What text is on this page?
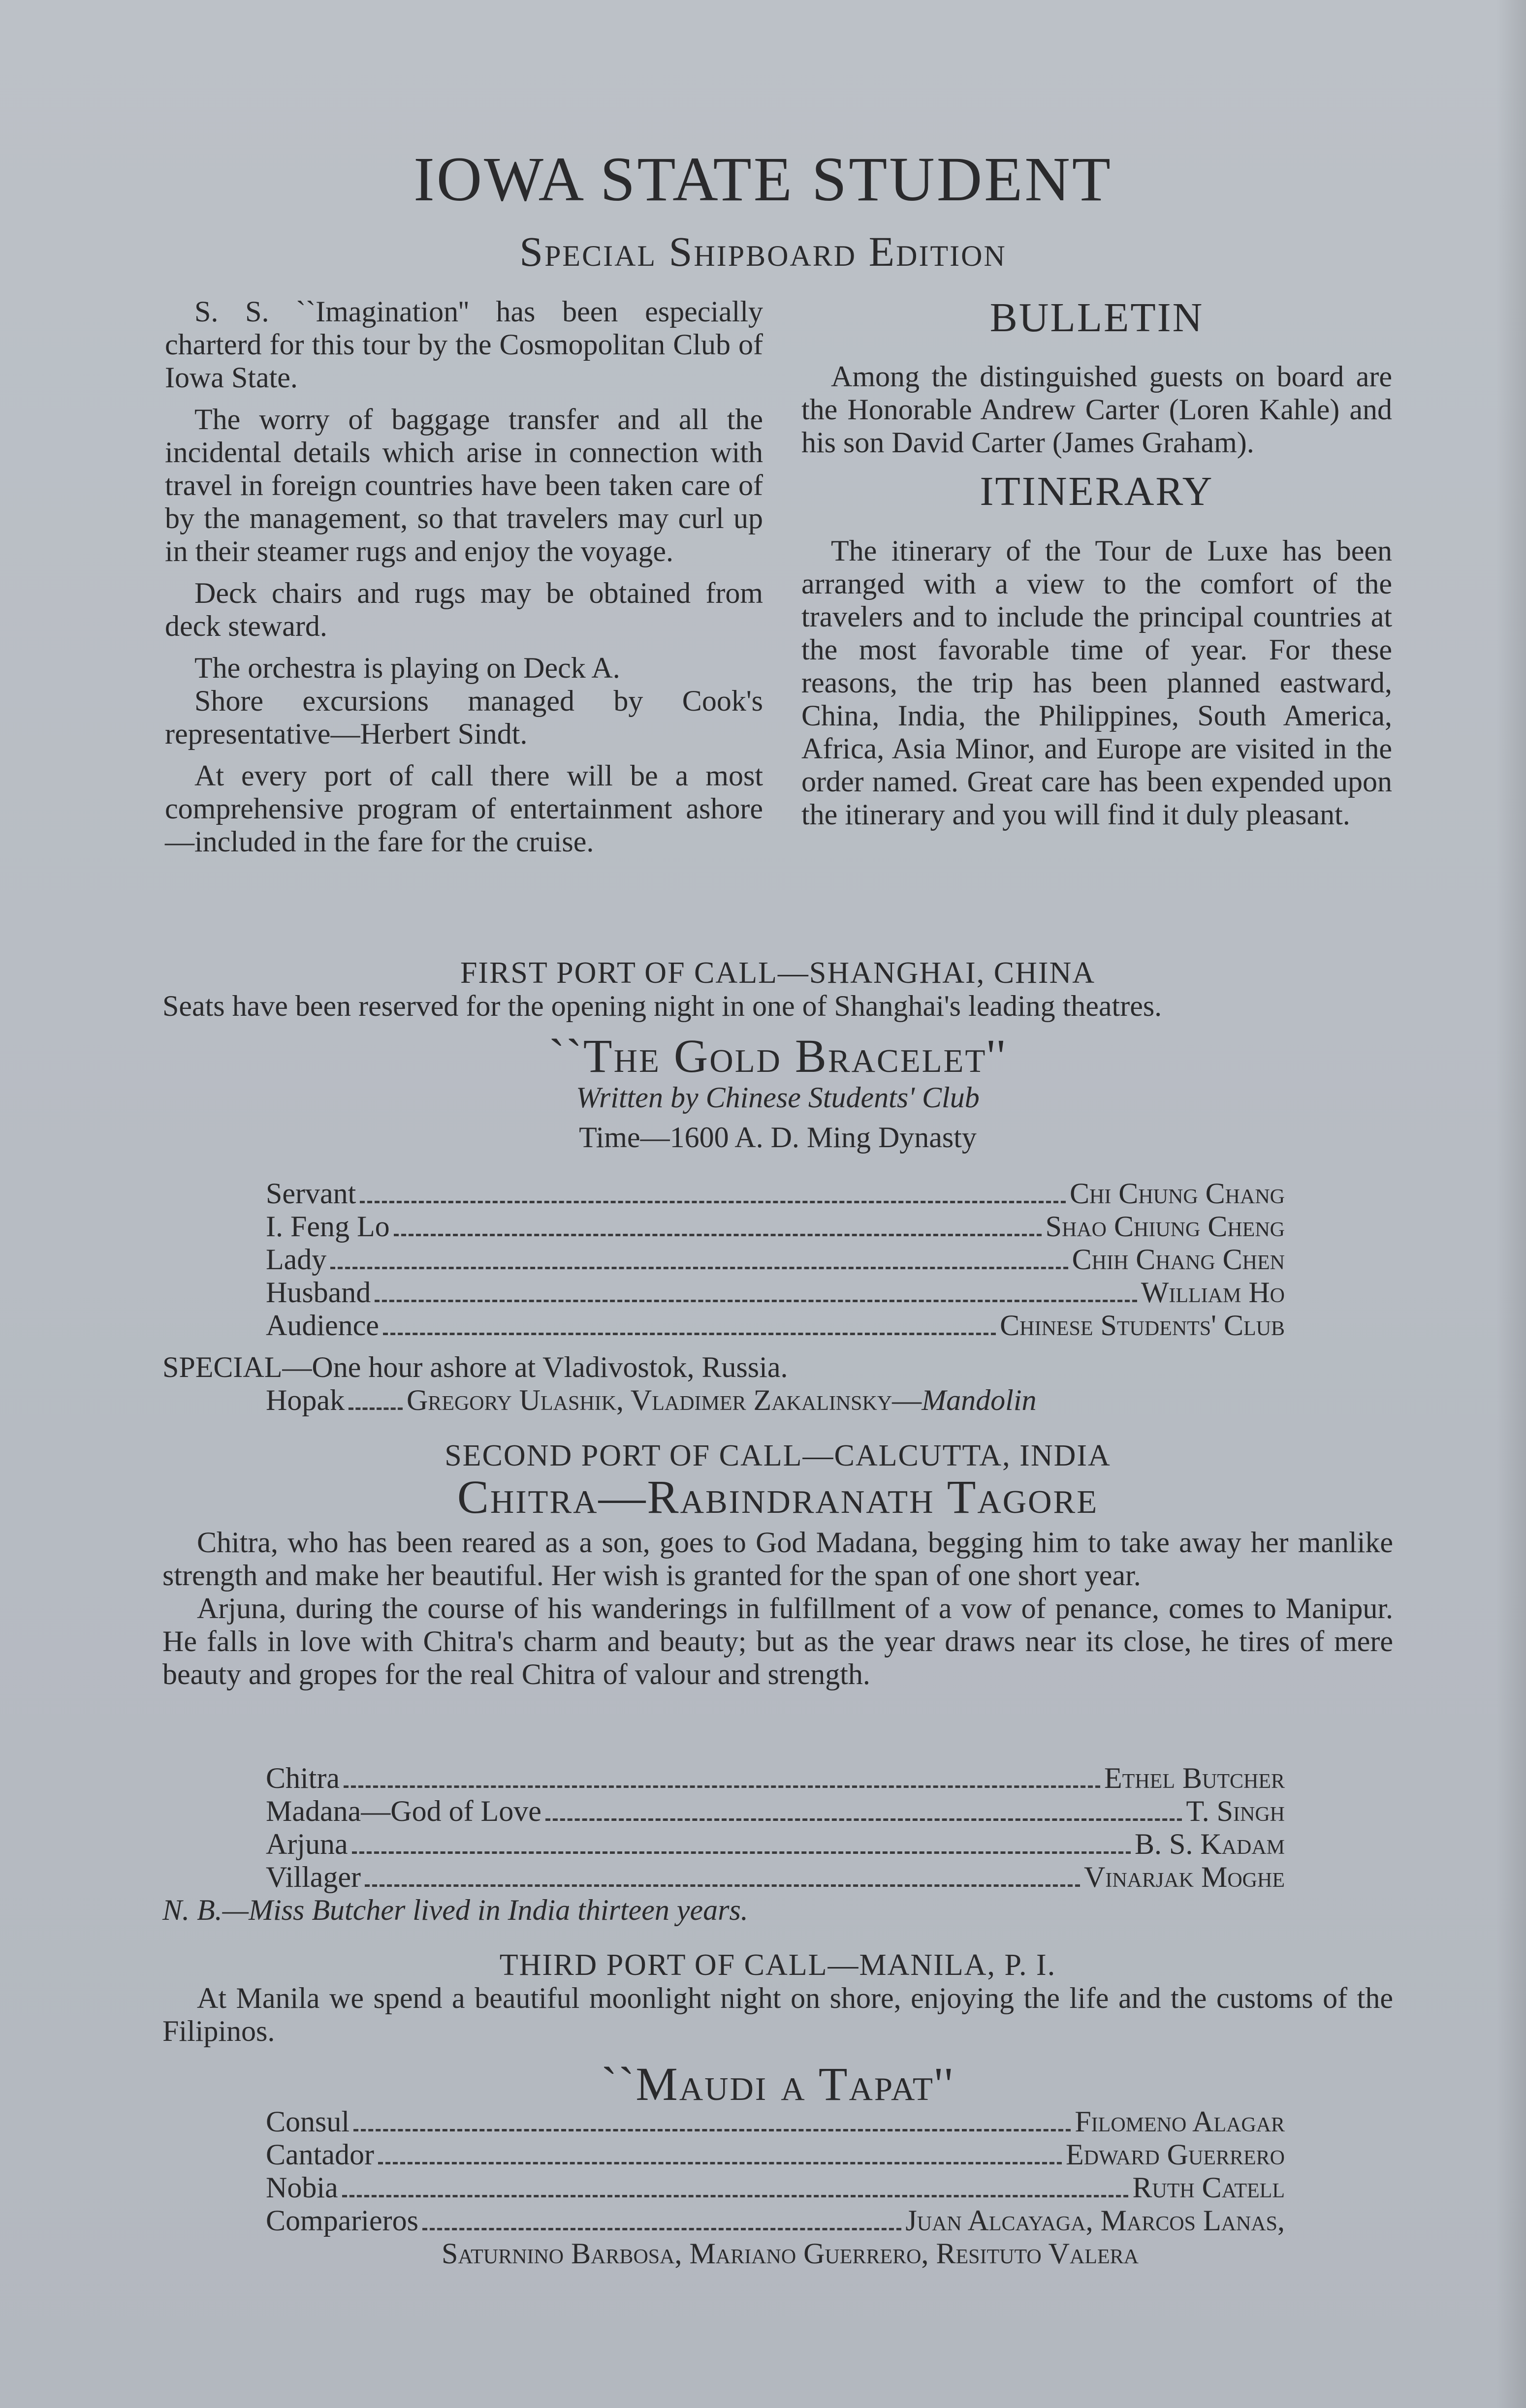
IOWA STATE STUDENT
Special Shipboard Edition

S. S. ``Imagination'' has been especially charterd for this tour by the Cosmopolitan Club of Iowa State.

The worry of baggage transfer and all the incidental details which arise in connection with travel in foreign countries have been taken care of by the management, so that travelers may curl up in their steamer rugs and enjoy the voyage.

Deck chairs and rugs may be obtained from deck steward.

The orchestra is playing on Deck A.

Shore excursions managed by Cook's representative—Herbert Sindt.

At every port of call there will be a most comprehensive program of entertainment ashore—included in the fare for the cruise.

BULLETIN

Among the distinguished guests on board are the Honorable Andrew Carter (Loren Kahle) and his son David Carter (James Graham).

ITINERARY

The itinerary of the Tour de Luxe has been arranged with a view to the comfort of the travelers and to include the principal countries at the most favorable time of year. For these reasons, the trip has been planned eastward, China, India, the Philippines, South America, Africa, Asia Minor, and Europe are visited in the order named. Great care has been expended upon the itinerary and you will find it duly pleasant.

FIRST PORT OF CALL—SHANGHAI, CHINA

Seats have been reserved for the opening night in one of Shanghai's leading theatres.

``The Gold Bracelet''

Written by Chinese Students' Club

Time—1600 A. D. Ming Dynasty

Servant	Chi Chung Chang
I. Feng Lo	Shao Chiung Cheng
Lady	Chih Chang Chen
Husband	William Ho
Audience	Chinese Students' Club

SPECIAL—One hour ashore at Vladivostok, Russia.

Hopak Gregory Ulashik, Vladimer Zakalinsky— Mandolin

SECOND PORT OF CALL—CALCUTTA, INDIA

Chitra—Rabindranath Tagore

Chitra, who has been reared as a son, goes to God Madana, begging him to take away her manlike strength and make her beautiful. Her wish is granted for the span of one short year.

Arjuna, during the course of his wanderings in fulfillment of a vow of penance, comes to Manipur. He falls in love with Chitra's charm and beauty; but as the year draws near its close, he tires of mere beauty and gropes for the real Chitra of valour and strength.

Chitra	Ethel Butcher
Madana—God of Love	T. Singh
Arjuna	B. S. Kadam
Villager	Vinarjak Moghe

N. B.—Miss Butcher lived in India thirteen years.

THIRD PORT OF CALL—MANILA, P. I.

At Manila we spend a beautiful moonlight night on shore, enjoying the life and the customs of the Filipinos.

``Maudi a Tapat''

Consul	Filomeno Alagar
Cantador	Edward Guerrero
Nobia	Ruth Catell
Comparieros	Juan Alcayaga, Marcos Lanas,
Saturnino Barbosa, Mariano Guerrero, Resituto Valera
